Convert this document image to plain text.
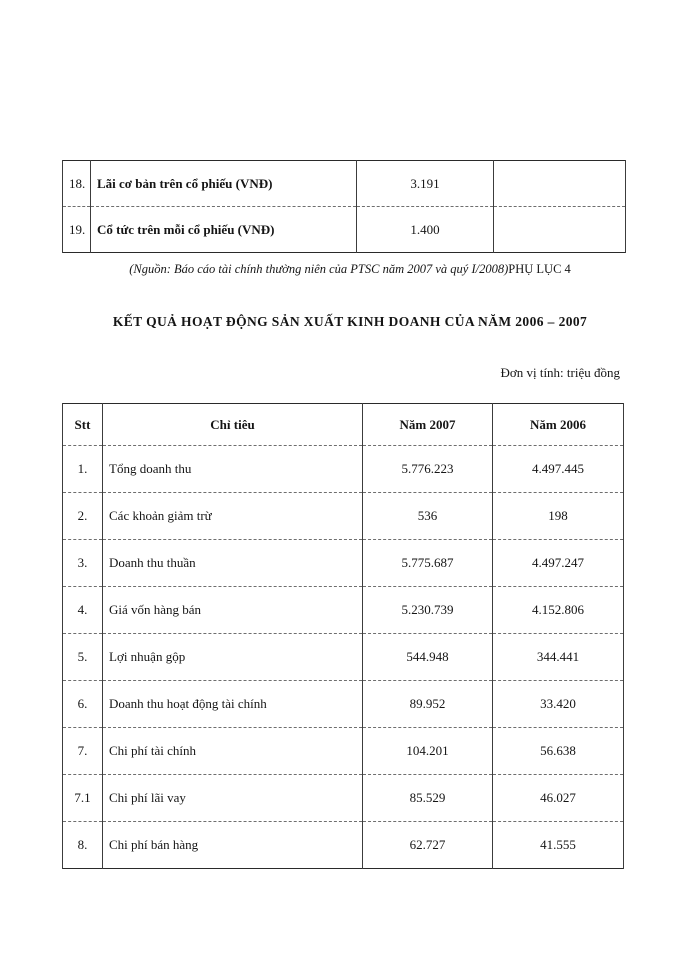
18.	Lãi cơ bản trên cổ phiếu (VNĐ)	3.191	
19.	Cổ tức trên mỗi cổ phiếu (VNĐ)	1.400	

(Nguồn: Báo cáo tài chính thường niên của PTSC năm 2007 và quý I/2008)PHỤ LỤC 4

KẾT QUẢ HOẠT ĐỘNG SẢN XUẤT KINH DOANH CỦA NĂM 2006 – 2007

Đơn vị tính: triệu đồng

Stt	Chỉ tiêu	Năm 2007	Năm 2006
1.	Tổng doanh thu	5.776.223	4.497.445
2.	Các khoản giảm trừ	536	198
3.	Doanh thu thuần	5.775.687	4.497.247
4.	Giá vốn hàng bán	5.230.739	4.152.806
5.	Lợi nhuận gộp	544.948	344.441
6.	Doanh thu hoạt động tài chính	89.952	33.420
7.	Chi phí tài chính	104.201	56.638
7.1	Chi phí lãi vay	85.529	46.027
8.	Chi phí bán hàng	62.727	41.555
